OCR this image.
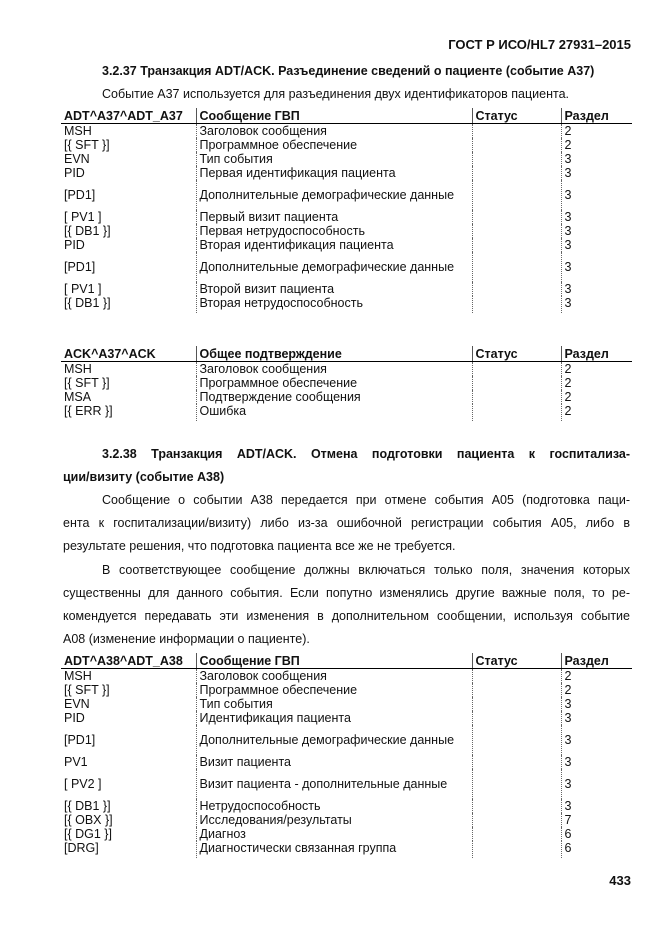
ГОСТ Р ИСО/HL7 27931–2015
3.2.37 Транзакция ADT/ACK. Разъединение сведений о пациенте (событие A37)
Событие A37 используется для разъединения двух идентификаторов пациента.
ADT^A37^ADT_A37	Сообщение ГВП	Статус	Раздел
MSH	Заголовок сообщения		2
[{ SFT }]	Программное обеспечение		2
EVN	Тип события		3
PID	Первая идентификация пациента		3
[PD1]	Дополнительные демографические данные		3
[ PV1 ]	Первый визит пациента		3
[{ DB1 }]	Первая нетрудоспособность		3
PID	Вторая идентификация пациента		3
[PD1]	Дополнительные демографические данные		3
[ PV1 ]	Второй визит пациента		3
[{ DB1 }]	Вторая нетрудоспособность		3
ACK^A37^ACK	Общее подтверждение	Статус	Раздел
MSH	Заголовок сообщения		2
[{ SFT }]	Программное обеспечение		2
MSA	Подтверждение сообщения		2
[{ ERR }]	Ошибка		2
3.2.38 Транзакция ADT/ACK. Отмена подготовки пациента к госпитализа-
ции/визиту (событие A38)
Сообщение о событии A38 передается при отмене события A05 (подготовка паци-
ента к госпитализации/визиту) либо из-за ошибочной регистрации события A05, либо в
результате решения, что подготовка пациента все же не требуется.
В соответствующее сообщение должны включаться только поля, значения которых
существенны для данного события. Если попутно изменялись другие важные поля, то ре-
комендуется передавать эти изменения в дополнительном сообщении, используя событие
A08 (изменение информации о пациенте).
ADT^A38^ADT_A38	Сообщение ГВП	Статус	Раздел
MSH	Заголовок сообщения		2
[{ SFT }]	Программное обеспечение		2
EVN	Тип события		3
PID	Идентификация пациента		3
[PD1]	Дополнительные демографические данные		3
PV1	Визит пациента		3
[ PV2 ]	Визит пациента - дополнительные данные		3
[{ DB1 }]	Нетрудоспособность		3
[{ OBX }]	Исследования/результаты		7
[{ DG1 }]	Диагноз		6
[DRG]	Диагностически связанная группа		6
433
